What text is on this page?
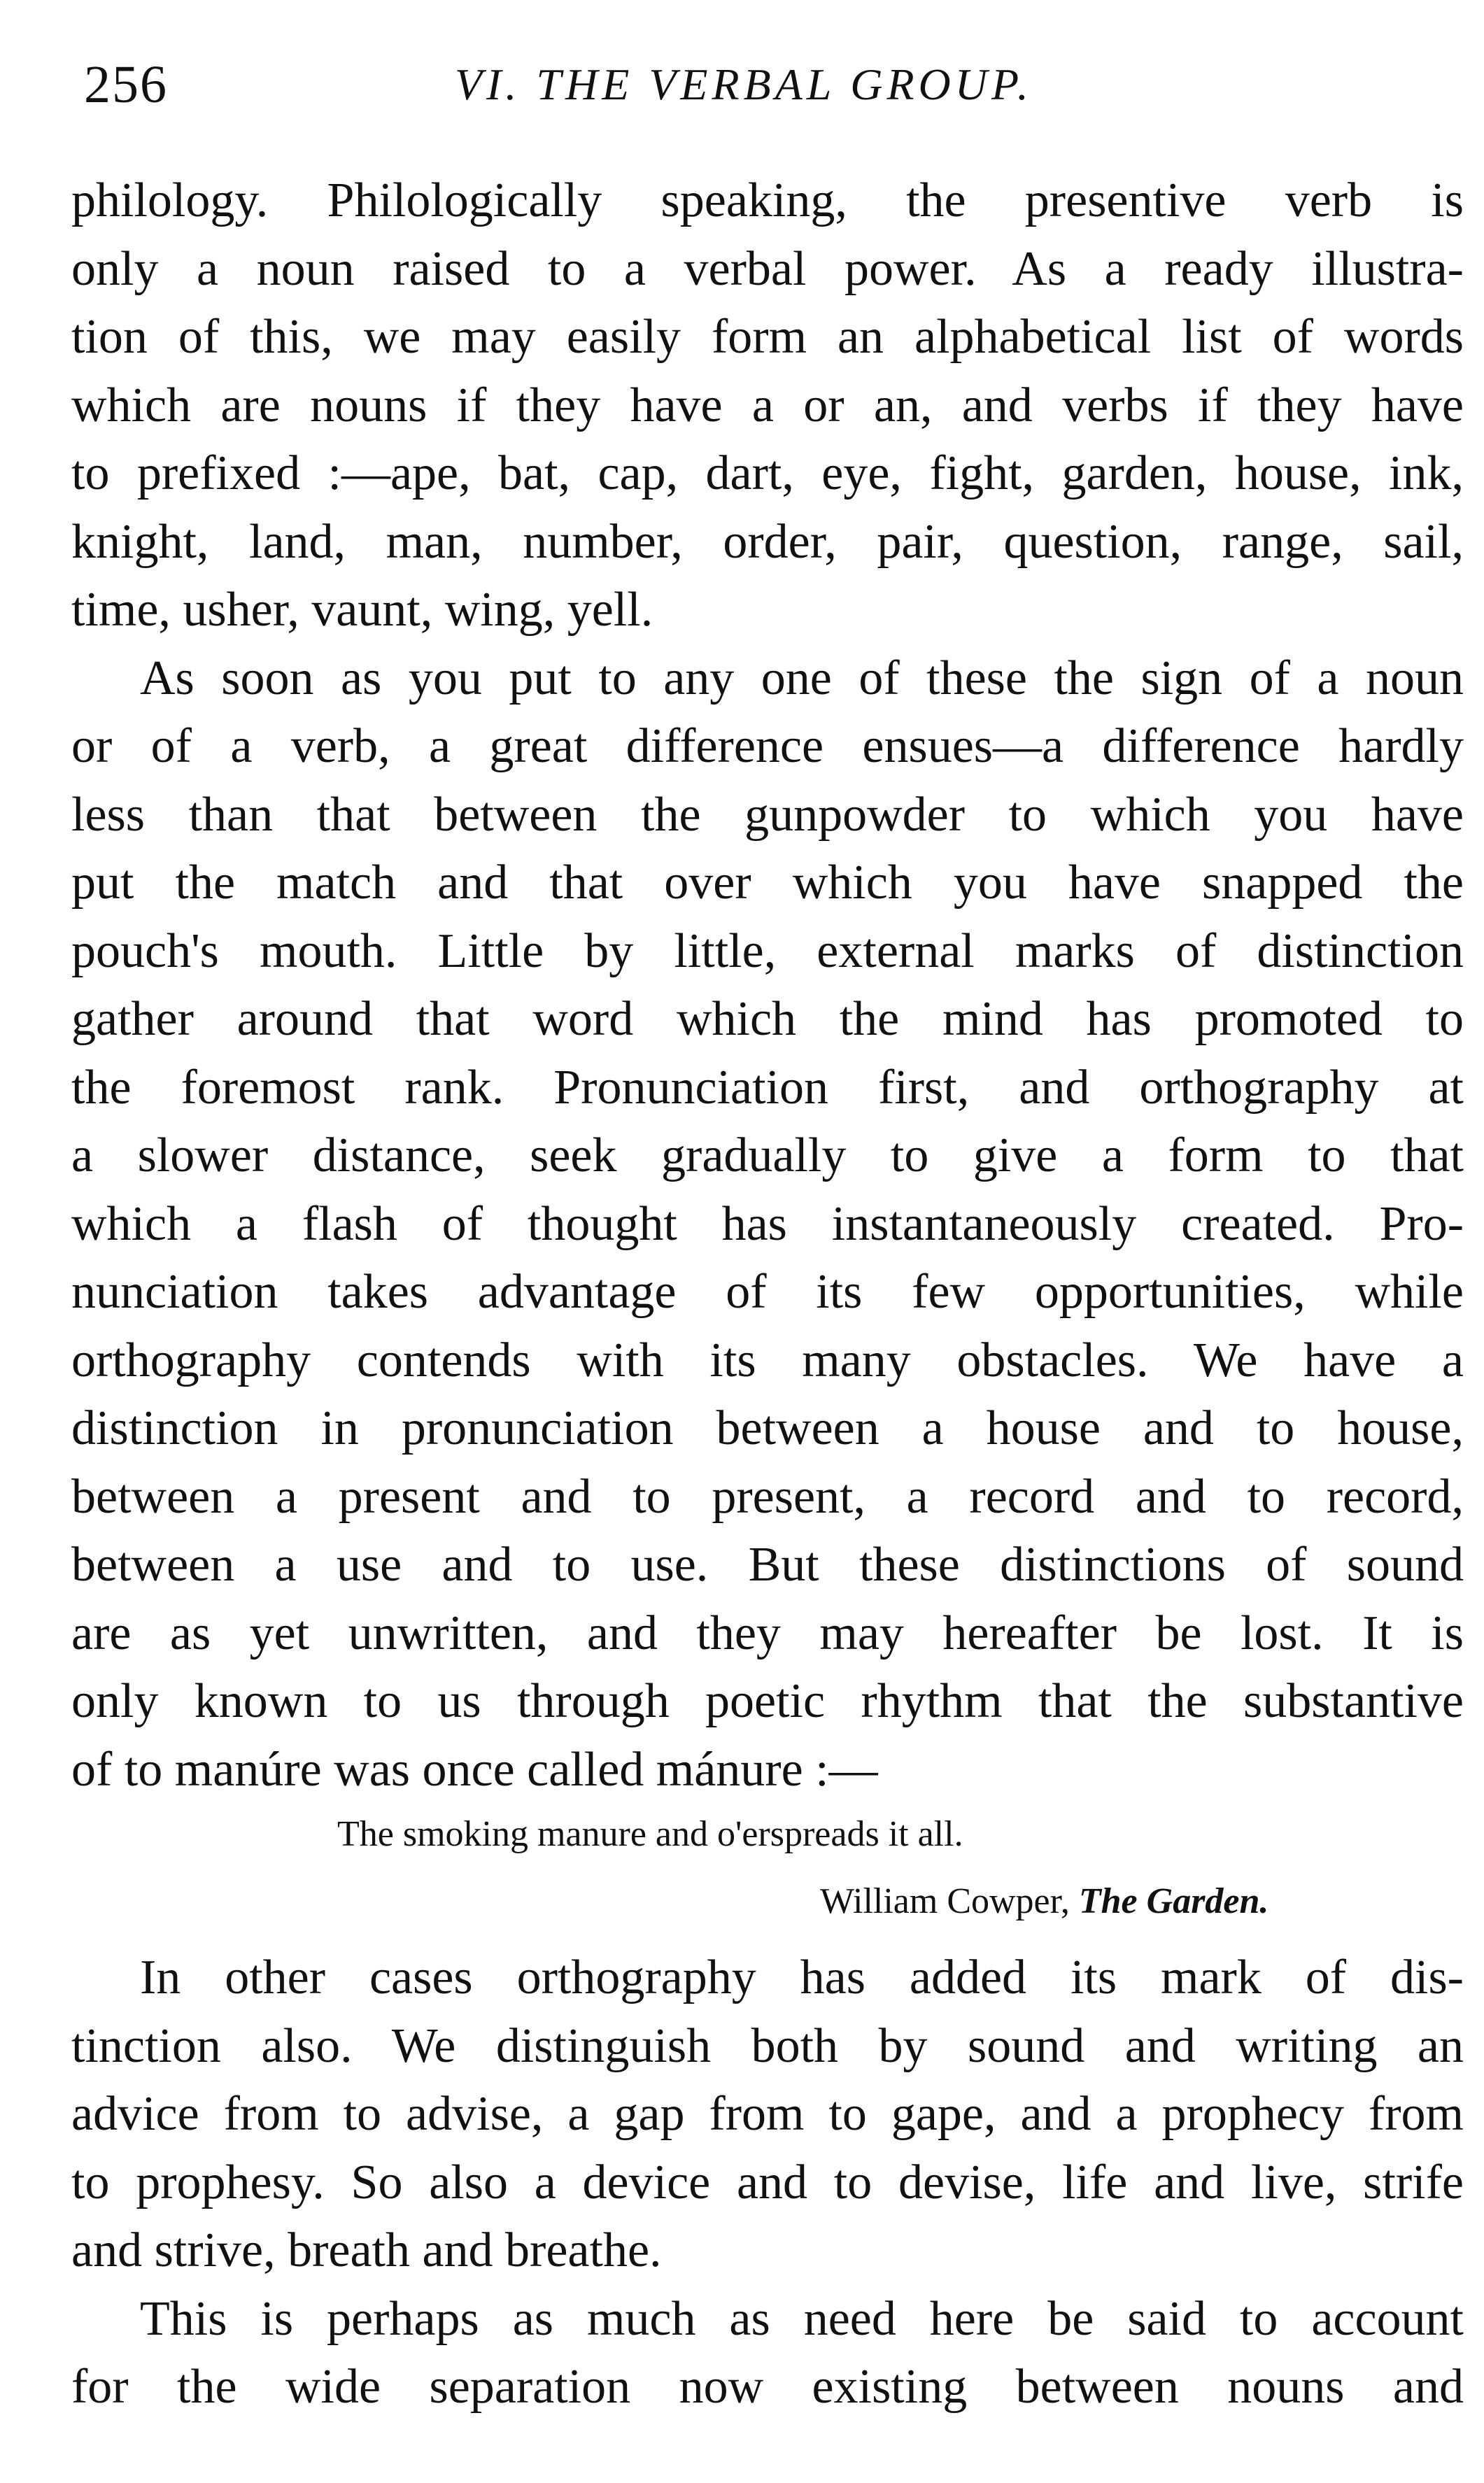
256	VI. THE VERBAL GROUP.
philology. Philologically speaking, the presentive verb is
only a noun raised to a verbal power. As a ready illustra-
tion of this, we may easily form an alphabetical list of words
which are nouns if they have a or an, and verbs if they have
to prefixed :—ape, bat, cap, dart, eye, fight, garden, house, ink,
knight, land, man, number, order, pair, question, range, sail,
time, usher, vaunt, wing, yell.
As soon as you put to any one of these the sign of a noun
or of a verb, a great difference ensues—a difference hardly
less than that between the gunpowder to which you have
put the match and that over which you have snapped the
pouch's mouth. Little by little, external marks of distinction
gather around that word which the mind has promoted to
the foremost rank. Pronunciation first, and orthography at
a slower distance, seek gradually to give a form to that
which a flash of thought has instantaneously created. Pro-
nunciation takes advantage of its few opportunities, while
orthography contends with its many obstacles. We have a
distinction in pronunciation between a house and to house,
between a present and to present, a record and to record,
between a use and to use. But these distinctions of sound
are as yet unwritten, and they may hereafter be lost. It is
only known to us through poetic rhythm that the substantive
of to manúre was once called mánure :—
The smoking manure and o'erspreads it all.
William Cowper, The Garden.
In other cases orthography has added its mark of dis-
tinction also. We distinguish both by sound and writing an
advice from to advise, a gap from to gape, and a prophecy from
to prophesy. So also a device and to devise, life and live, strife
and strive, breath and breathe.
This is perhaps as much as need here be said to account
for the wide separation now existing between nouns and
